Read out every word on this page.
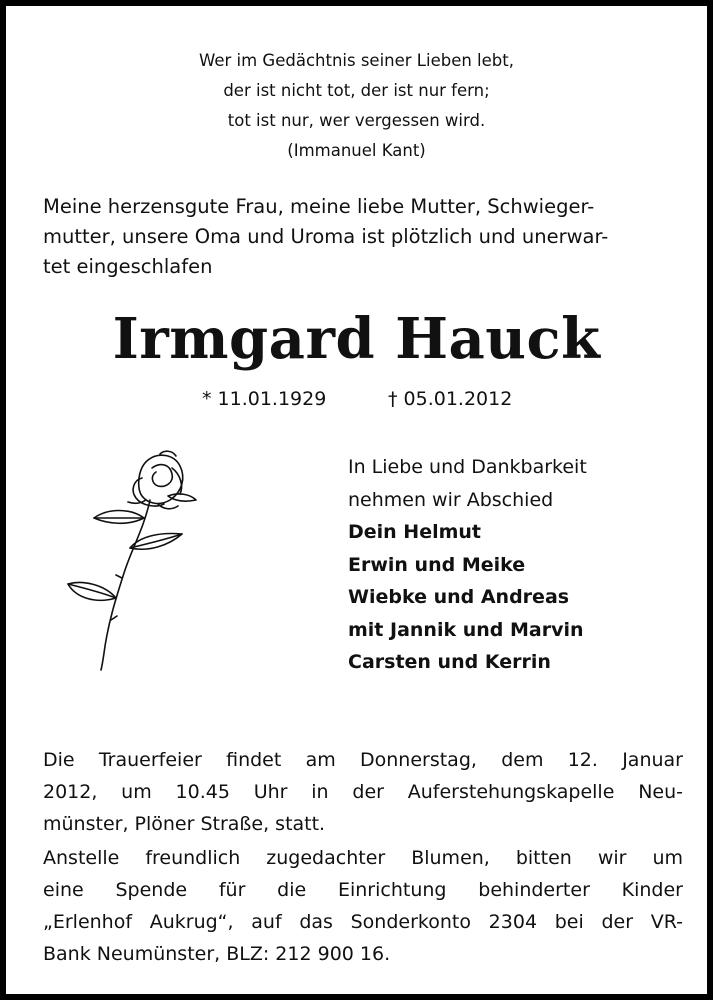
Wer im Gedächtnis seiner Lieben lebt,
der ist nicht tot, der ist nur fern;
tot ist nur, wer vergessen wird.
(Immanuel Kant)
Meine herzensgute Frau, meine liebe Mutter, Schwieger-
mutter, unsere Oma und Uroma ist plötzlich und unerwar-
tet eingeschlafen
Irmgard Hauck
* 11.01.1929	† 05.01.2012
In Liebe und Dankbarkeit
nehmen wir Abschied
Dein Helmut
Erwin und Meike
Wiebke und Andreas
mit Jannik und Marvin
Carsten und Kerrin
Die Trauerfeier findet am Donnerstag, dem 12. Januar
2012, um 10.45 Uhr in der Auferstehungskapelle Neu-
münster, Plöner Straße, statt.
Anstelle freundlich zugedachter Blumen, bitten wir um
eine Spende für die Einrichtung behinderter Kinder
„Erlenhof Aukrug“, auf das Sonderkonto 2304 bei der VR-
Bank Neumünster, BLZ: 212 900 16.
